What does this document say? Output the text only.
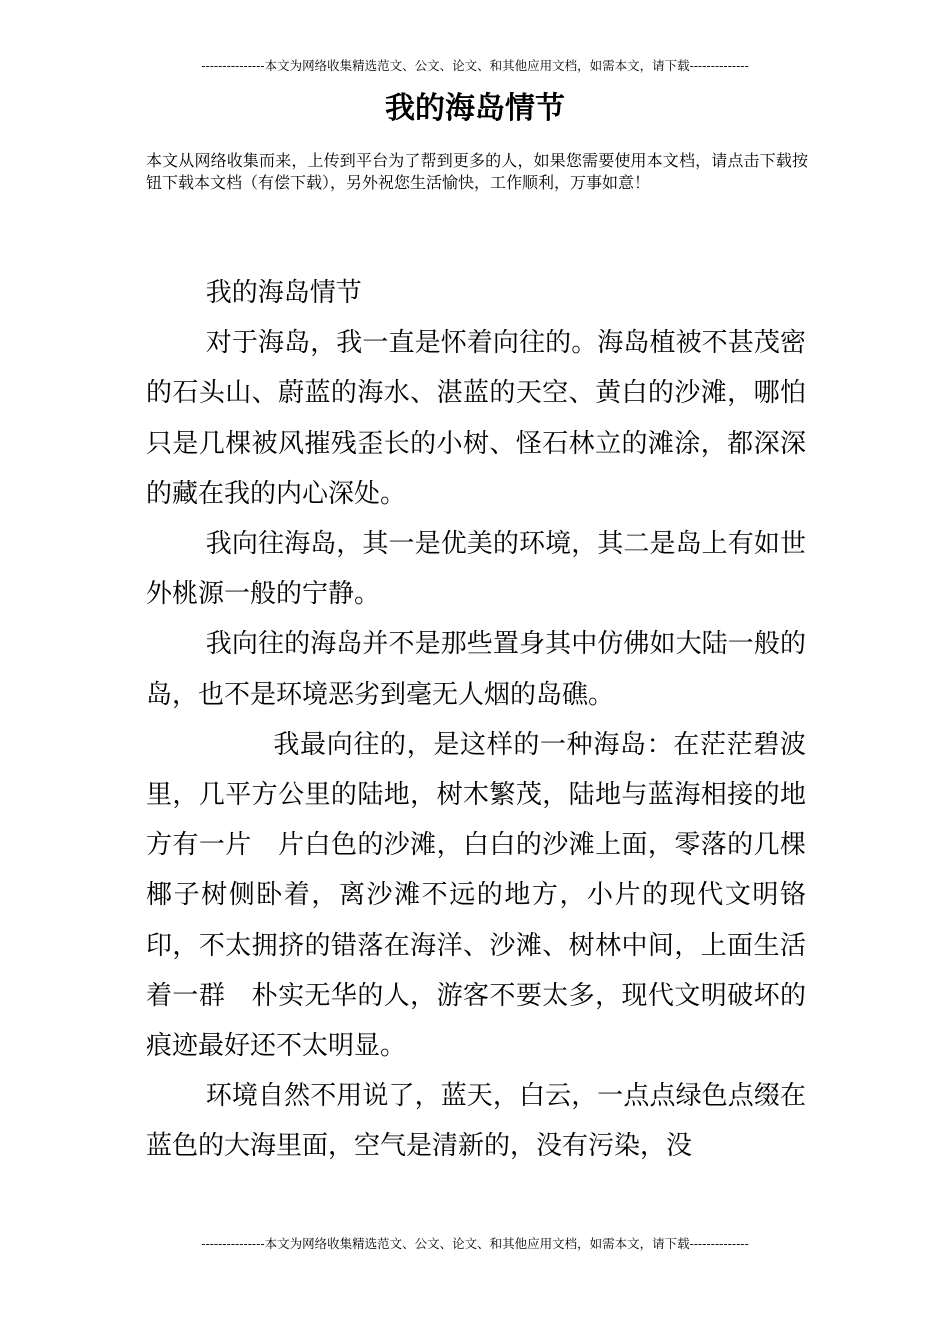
---------------本文为网络收集精选范文、公文、论文、和其他应用文档，如需本文，请下载--------------
我的海岛情节
本文从网络收集而来，上传到平台为了帮到更多的人，如果您需要使用本文档，请点击下载按钮下载本文档（有偿下载），另外祝您生活愉快，工作顺利，万事如意！

我的海岛情节

对于海岛，我一直是怀着向往的。海岛植被不甚茂密的石头山、蔚蓝的海水、湛蓝的天空、黄白的沙滩，哪怕只是几棵被风摧残歪长的小树、怪石林立的滩涂，都深深的藏在我的内心深处。

我向往海岛，其一是优美的环境，其二是岛上有如世外桃源一般的宁静。

我向往的海岛并不是那些置身其中仿佛如大陆一般的岛，也不是环境恶劣到毫无人烟的岛礁。

我最向往的，是这样的一种海岛：在茫茫碧波里，几平方公里的陆地，树木繁茂，陆地与蓝海相接的地方有一片　片白色的沙滩，白白的沙滩上面，零落的几棵椰子树侧卧着，离沙滩不远的地方，小片的现代文明铬印，不太拥挤的错落在海洋、沙滩、树林中间，上面生活着一群　朴实无华的人，游客不要太多，现代文明破坏的痕迹最好还不太明显。

环境自然不用说了，蓝天，白云，一点点绿色点缀在蓝色的大海里面，空气是清新的，没有污染，没

---------------本文为网络收集精选范文、公文、论文、和其他应用文档，如需本文，请下载--------------
